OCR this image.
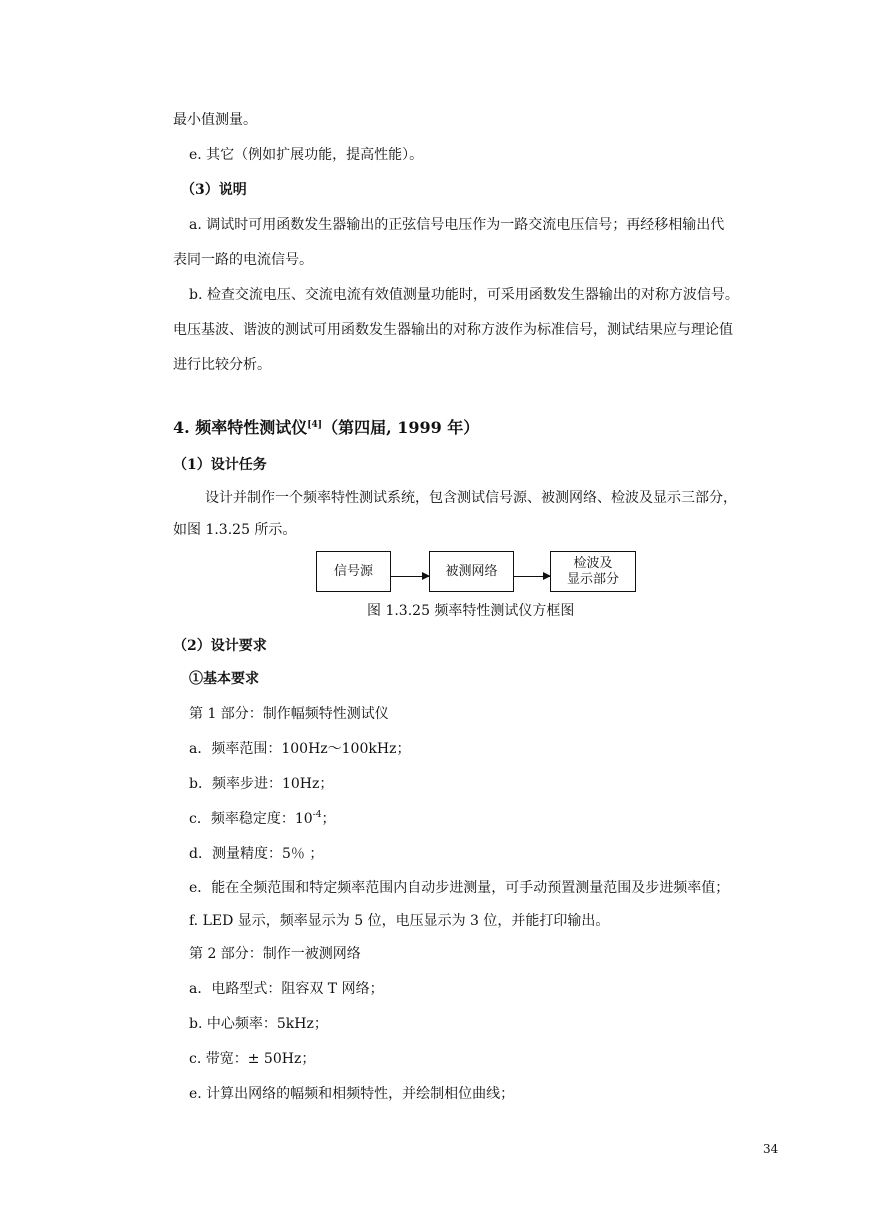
最小值测量。
e. 其它（例如扩展功能，提高性能）。
（3）说明
a. 调试时可用函数发生器输出的正弦信号电压作为一路交流电压信号；再经移相输出代
表同一路的电流信号。
b. 检查交流电压、交流电流有效值测量功能时，可采用函数发生器输出的对称方波信号。
电压基波、谐波的测试可用函数发生器输出的对称方波作为标准信号，测试结果应与理论值
进行比较分析。
4. 频率特性测试仪[4]（第四届, 1999 年）
（1）设计任务
设计并制作一个频率特性测试系统，包含测试信号源、被测网络、检波及显示三部分，
如图 1.3.25 所示。
信号源	被测网络
检波及
显示部分
图 1.3.25 频率特性测试仪方框图
（2）设计要求
①基本要求
第 1 部分：制作幅频特性测试仪
a．频率范围：100Hz～100kHz；
b．频率步进：10Hz；
c．频率稳定度：$10^{-4}$；
d．测量精度：5％ ；
e．能在全频范围和特定频率范围内自动步进测量，可手动预置测量范围及步进频率值；
f. LED 显示，频率显示为 5 位，电压显示为 3 位，并能打印输出。
第 2 部分：制作一被测网络
a．电路型式：阻容双 T 网络；
b. 中心频率：5kHz；
c. 带宽：± 50Hz；
e. 计算出网络的幅频和相频特性，并绘制相位曲线；
34
